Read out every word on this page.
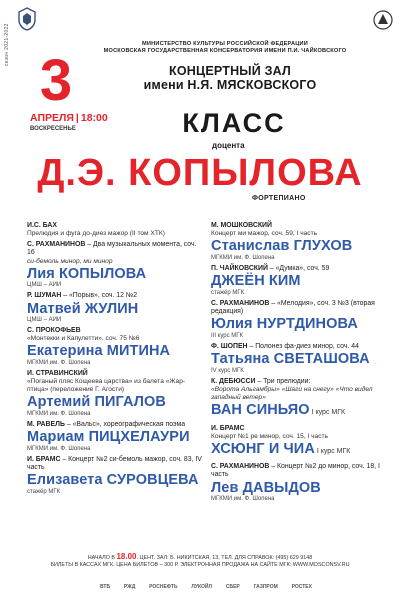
сезон 2021-2022	МИНИСТЕРСТВО КУЛЬТУРЫ РОССИЙСКОЙ ФЕДЕРАЦИИ
МОСКОВСКАЯ ГОСУДАРСТВЕННАЯ КОНСЕРВАТОРИЯ ИМЕНИ П.И. ЧАЙКОВСКОГО
КОНЦЕРТНЫЙ ЗАЛ
имени Н.Я. МЯСКОВСКОГО
3
АПРЕЛЯ | 18:00
ВОСКРЕСЕНЬЕ	КЛАСС
доцента
Д.Э. КОПЫЛОВА
ФОРТЕПИАНО
И.С. БАХ
Прелюдия и фуга до-диез мажор (II том ХТК)
С. РАХМАНИНОВ – Два музыкальных момента, соч. 16
си-бемоль минор, ми минор
Лия КОПЫЛОВА
ЦМШ – АИИ
Р. ШУМАН – «Порыв», соч. 12 №2
Матвей ЖУЛИН
ЦМШ – АИИ
С. ПРОКОФЬЕВ
«Монтекки и Капулетти», соч. 75 №6
Екатерина МИТИНА
МГКМИ им. Ф. Шопена
И. СТРАВИНСКИЙ
«Поганый пляс Кощеева царства» из балета «Жар-птица» (переложение Г. Агости)
Артемий ПИГАЛОВ
МГКМИ им. Ф. Шопена
М. РАВЕЛЬ – «Вальс», хореографическая поэма
Мариам ПИЦХЕЛАУРИ
МГКМИ им. Ф. Шопена
И. БРАМС – Концерт №2 си-бемоль мажор, соч. 83, IV часть
Елизавета СУРОВЦЕВА
стажёр МГК
М. МОШКОВСКИЙ
Концерт ми мажор, соч. 59, I часть
Станислав ГЛУХОВ
МГКМИ им. Ф. Шопена
П. ЧАЙКОВСКИЙ – «Думка», соч. 59
ДЖЕЁН КИМ
стажёр МГК
С. РАХМАНИНОВ – «Мелодия», соч. 3 №3 (вторая редакция)
Юлия НУРТДИНОВА
III курс МГК
Ф. ШОПЕН – Полонез фа-диез минор, соч. 44
Татьяна СВЕТАШОВА
IV курс МГК
К. ДЕБЮССИ – Три прелюдии:
«Ворота Альгамбры» «Шаги на снегу» «Что видел западный ветер»
ВАН СИНЬЯО I курс МГК
И. БРАМС
Концерт №1 ре минор, соч. 15, I часть
ХСЮНГ И ЧИА I курс МГК
С. РАХМАНИНОВ – Концерт №2 до минор, соч. 18, I часть
Лев ДАВЫДОВ
МГКМИ им. Ф. Шопена
НАЧАЛО В 18.00. ЦЕНТ. ЗАЛ: Б. НИКИТСКАЯ, 13, ТЕЛ. ДЛЯ СПРАВОК: (495) 629 9148
БИЛЕТЫ В КАССАХ МГК. ЦЕНА БИЛЕТОВ – 300 Р. ЭЛЕКТРОННАЯ ПРОДАЖА НА САЙТЕ МГК: WWW.MOSCONSV.RU
ВТБ	РЖД	РОСНЕФТЬ	ЛУКОЙЛ	СБЕР	ГАЗПРОМ	РОСТЕХ
